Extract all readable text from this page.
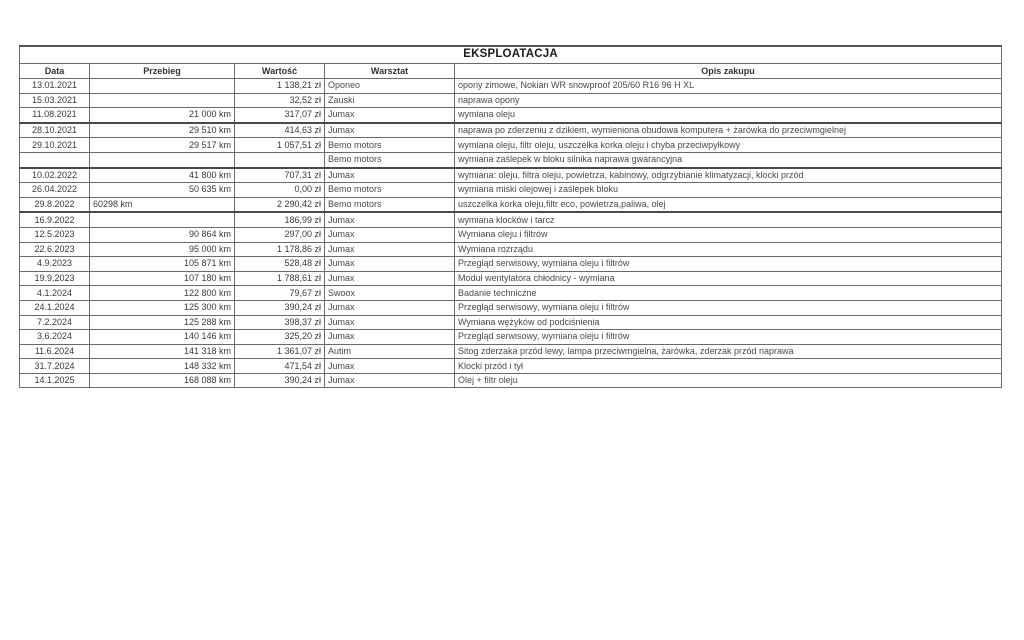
EKSPLOATACJA				
Data	Przebieg	Wartość	Warsztat	Opis zakupu
13.01.2021		1 138,21 zł	Oponeo	opony zimowe, Nokian WR snowproof 205/60 R16 96 H XL
15.03.2021		32,52 zł	Zauski	naprawa opony
11.08.2021	21 000 km	317,07 zł	Jumax	wymiana oleju
28.10.2021	29 510 km	414,63 zł	Jumax	naprawa po zderzeniu z dzikiem, wymieniona obudowa komputera + żarówka do przeciwmgielnej
29.10.2021	29 517 km	1 057,51 zł	Bemo motors	wymiana oleju, filtr oleju, uszczelka korka oleju i chyba przeciwpyłkowy
			Bemo motors	wymiana zaślepek w bloku silnika naprawa gwarancyjna
10.02.2022	41 800 km	707,31 zł	Jumax	wymiana: oleju, filtra oleju, powietrza, kabinowy, odgrzybianie klimatyzacji, klocki przód
26.04.2022	50 635 km	0,00 zł	Bemo motors	wymiana miski olejowej i zaślepek bloku
29.8.2022	60298 km	2 290,42 zł	Bemo motors	uszczelka korka oleju,filtr eco, powietrza,paliwa, olej
16.9.2022		186,99 zł	Jumax	wymiana klocków i tarcz
12.5.2023	90 864 km	297,00 zł	Jumax	Wymiana oleju i filtrów
22.6.2023	95 000 km	1 178,86 zł	Jumax	Wymiana rozrządu
4.9.2023	105 871 km	528,48 zł	Jumax	Przegląd serwisowy, wymiana oleju i filtrów
19.9.2023	107 180 km	1 788,61 zł	Jumax	Moduł wentylatora chłodnicy - wymiana
4.1.2024	122 800 km	79,67 zł	Swoox	Badanie techniczne
24.1.2024	125 300 km	390,24 zł	Jumax	Przegląd serwisowy, wymiana oleju i filtrów
7.2.2024	125 288 km	398,37 zł	Jumax	Wymiana wężyków od podciśnienia
3.6.2024	140 146 km	325,20 zł	Jumax	Przegląd serwisowy, wymiana oleju i filtrów
11.6.2024	141 318 km	1 361,07 zł	Autim	Sitog zderzaka przód lewy, lampa przeciwmgielna, żarówka, zderzak przód naprawa
31.7.2024	148 332 km	471,54 zł	Jumax	Klocki przód i tył
14.1.2025	168 088 km	390,24 zł	Jumax	Olej + filtr oleju
